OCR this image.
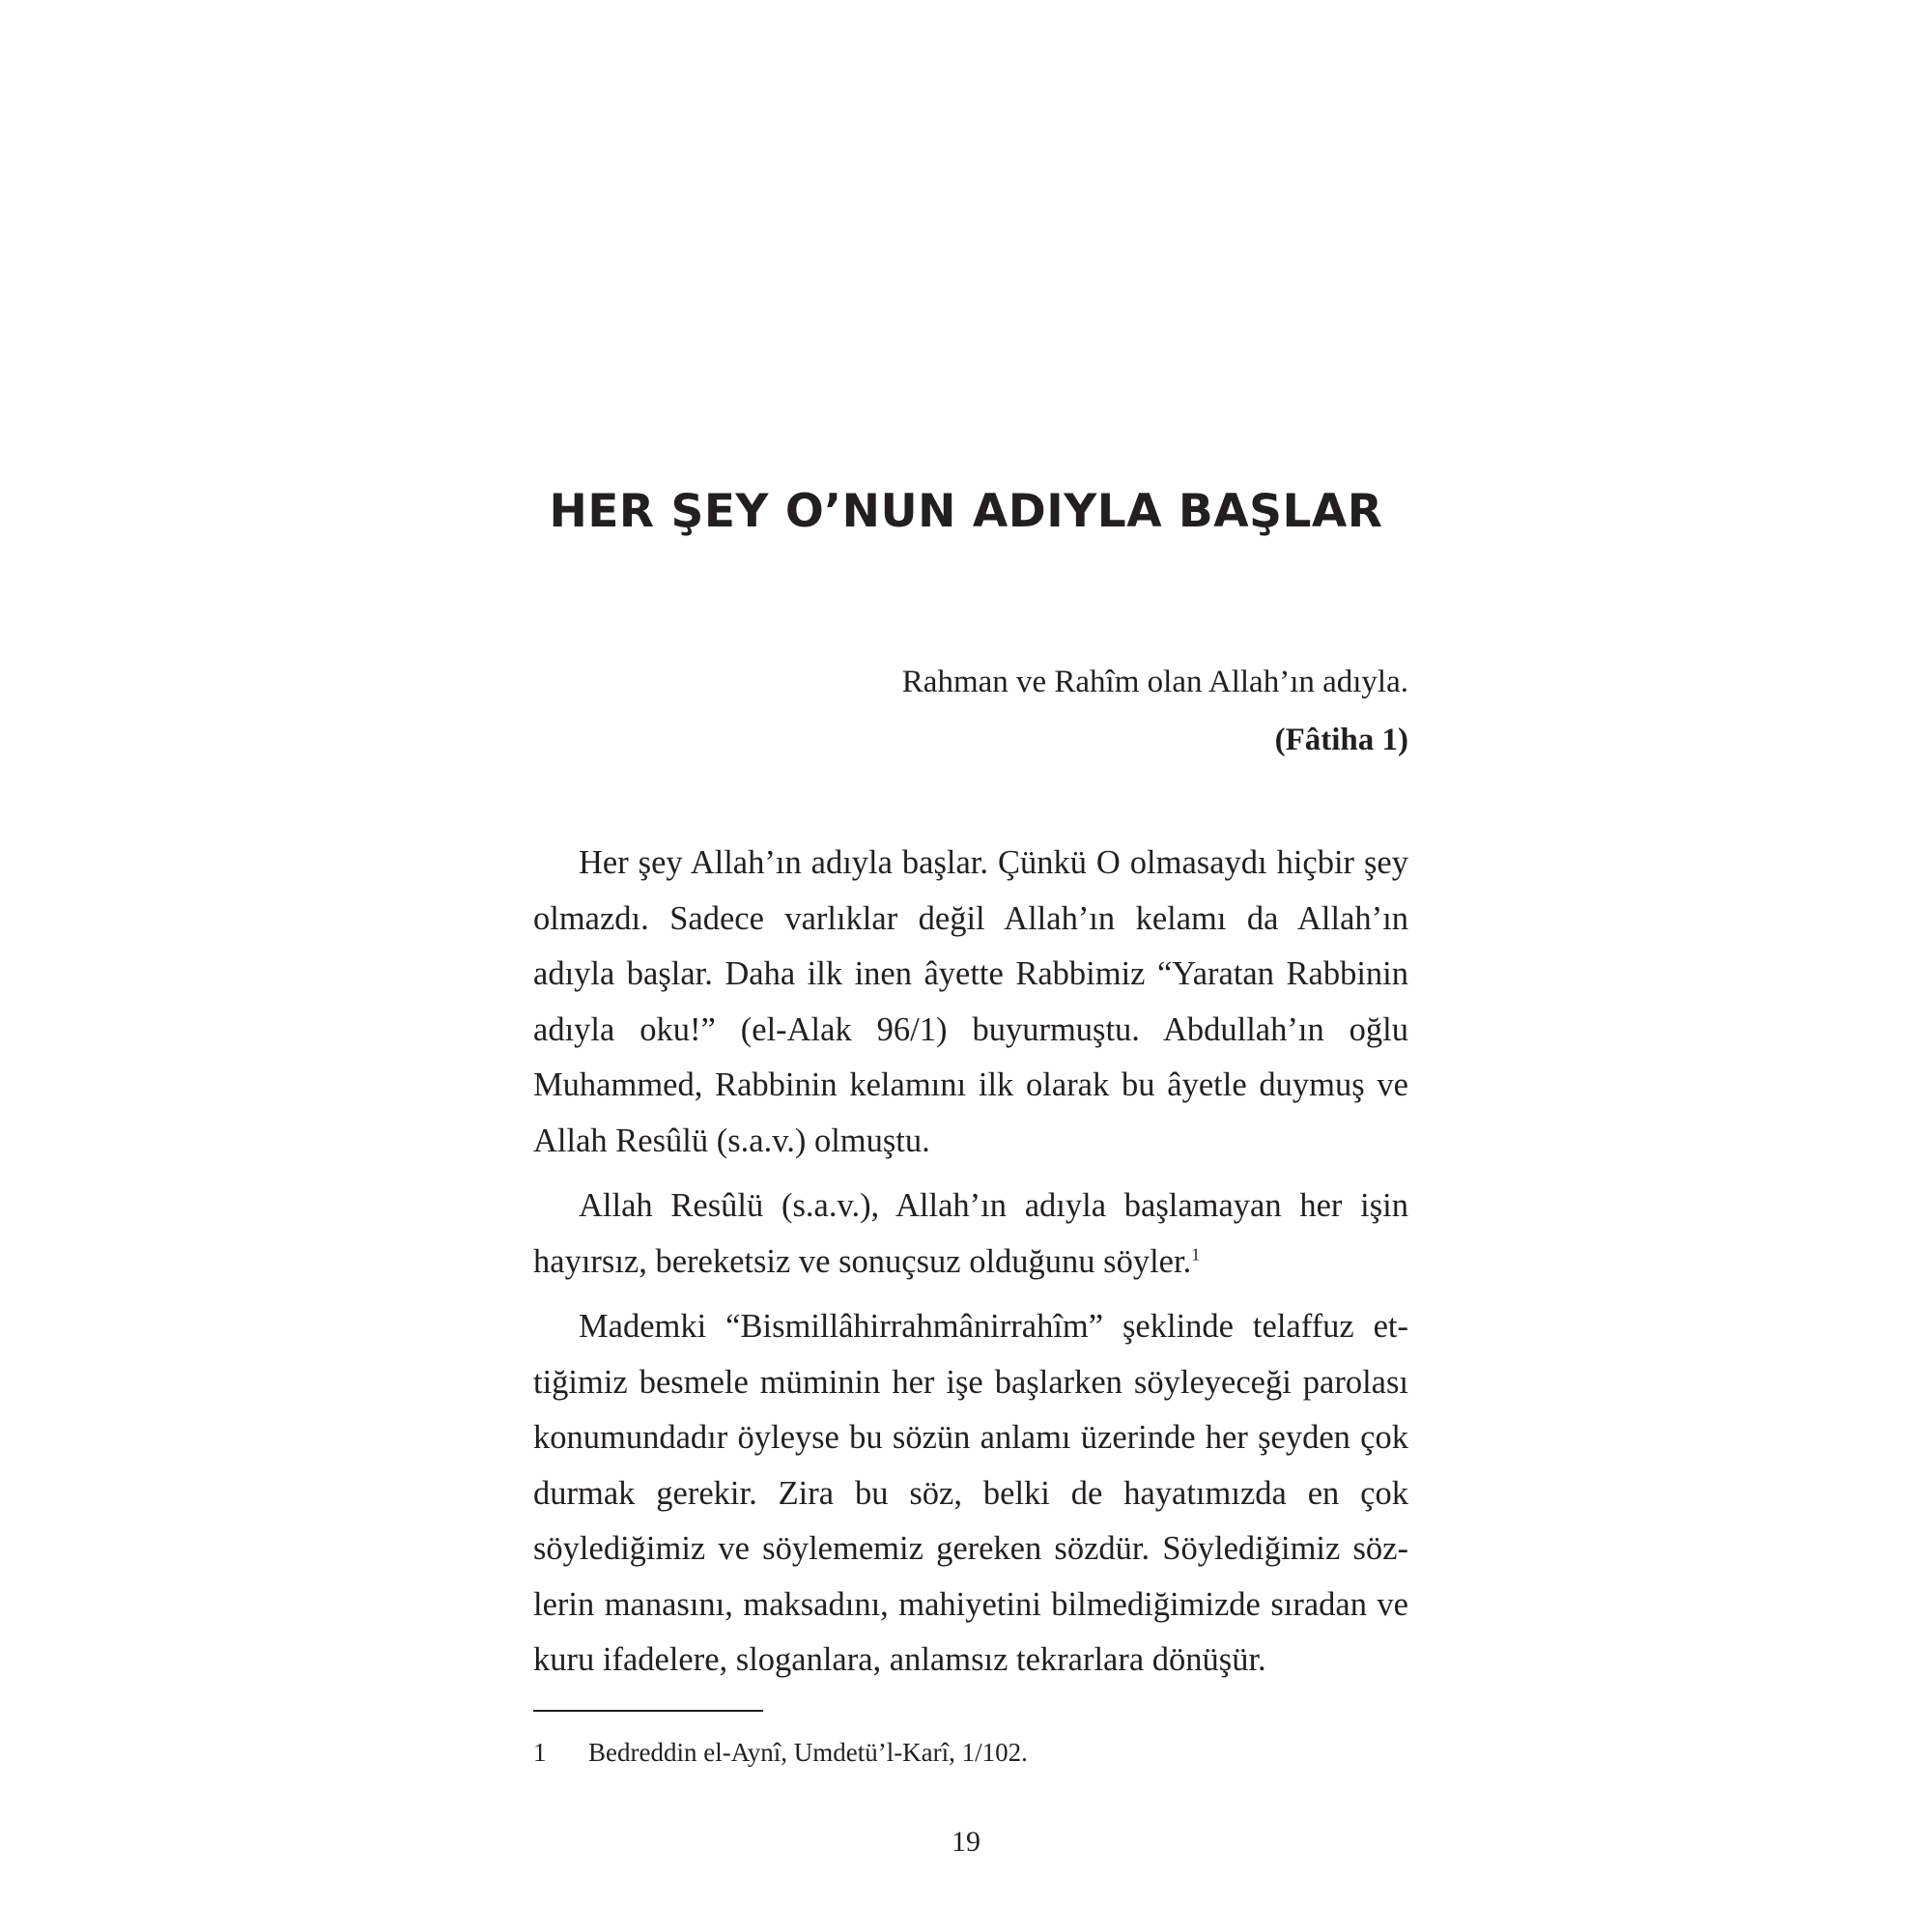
HER ŞEY O’NUN ADIYLA BAŞLAR
Rahman ve Rahîm olan Allah’ın adıyla.
(Fâtiha 1)

Her şey Allah’ın adıyla başlar. Çünkü O olmasaydı hiçbir şey olmazdı. Sadece varlıklar değil Allah’ın kelamı da Allah’ın adıyla başlar. Daha ilk inen âyette Rabbimiz “Yaratan Rabbinin adıyla oku!” (el-Alak 96/1) buyurmuştu. Abdullah’ın oğlu Muhammed, Rabbinin kelamını ilk olarak bu âyetle duymuş ve Allah Resûlü (s.a.v.) olmuştu.

Allah Resûlü (s.a.v.), Allah’ın adıyla başlamayan her işin hayırsız, bereketsiz ve sonuçsuz olduğunu söyler.$^1$

Mademki “Bismillâhirrahmânirrahîm” şeklinde telaffuz ettiğimiz besmele müminin her işe başlarken söyleyeceği parolası konumundadır öyleyse bu sözün anlamı üzerinde her şeyden çok durmak gerekir. Zira bu söz, belki de hayatımızda en çok söylediğimiz ve söylememiz gereken sözdür. Söylediğimiz sözlerin manasını, maksadını, mahiyetini bilmediğimizde sıradan ve kuru ifadelere, sloganlara, anlamsız tekrarlara dönüşür.

1 Bedreddin el-Aynî, Umdetü’l-Karî, 1/102.
19
